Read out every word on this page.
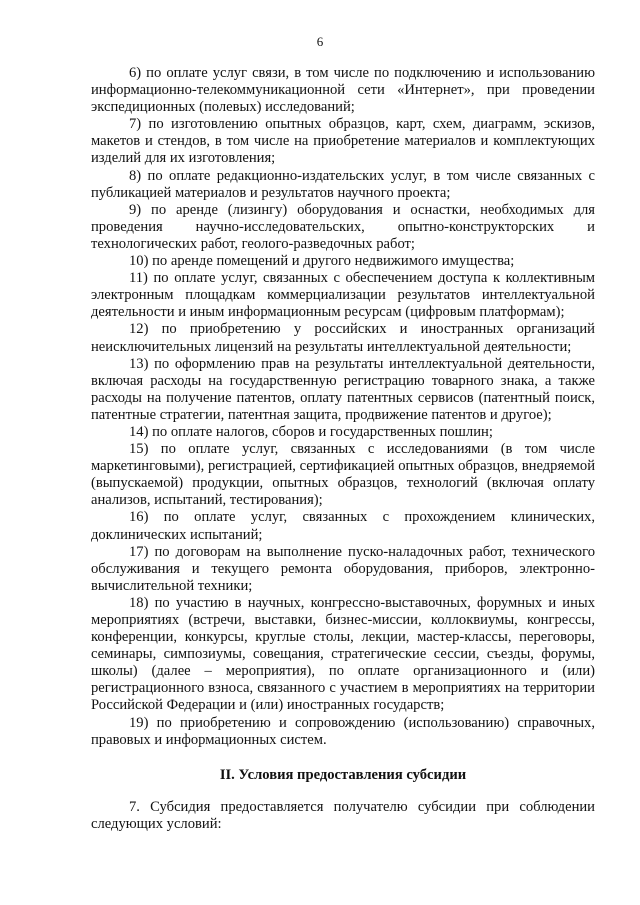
6

6) по оплате услуг связи, в том числе по подключению и использованию информационно-телекоммуникационной сети «Интернет», при проведении экспедиционных (полевых) исследований;

7) по изготовлению опытных образцов, карт, схем, диаграмм, эскизов, макетов и стендов, в том числе на приобретение материалов и комплектующих изделий для их изготовления;

8) по оплате редакционно-издательских услуг, в том числе связанных с публикацией материалов и результатов научного проекта;

9) по аренде (лизингу) оборудования и оснастки, необходимых для проведения научно-исследовательских, опытно-конструкторских и технологических работ, геолого-разведочных работ;

10) по аренде помещений и другого недвижимого имущества;

11) по оплате услуг, связанных с обеспечением доступа к коллективным электронным площадкам коммерциализации результатов интеллектуальной деятельности и иным информационным ресурсам (цифровым платформам);

12) по приобретению у российских и иностранных организаций неисключительных лицензий на результаты интеллектуальной деятельности;

13) по оформлению прав на результаты интеллектуальной деятельности, включая расходы на государственную регистрацию товарного знака, а также расходы на получение патентов, оплату патентных сервисов (патентный поиск, патентные стратегии, патентная защита, продвижение патентов и другое);

14) по оплате налогов, сборов и государственных пошлин;

15) по оплате услуг, связанных с исследованиями (в том числе маркетинговыми), регистрацией, сертификацией опытных образцов, внедряемой (выпускаемой) продукции, опытных образцов, технологий (включая оплату анализов, испытаний, тестирования);

16) по оплате услуг, связанных с прохождением клинических, доклинических испытаний;

17) по договорам на выполнение пуско-наладочных работ, технического обслуживания и текущего ремонта оборудования, приборов, электронно-вычислительной техники;

18) по участию в научных, конгрессно-выставочных, форумных и иных мероприятиях (встречи, выставки, бизнес-миссии, коллоквиумы, конгрессы, конференции, конкурсы, круглые столы, лекции, мастер-классы, переговоры, семинары, симпозиумы, совещания, стратегические сессии, съезды, форумы, школы) (далее – мероприятия), по оплате организационного и (или) регистрационного взноса, связанного с участием в мероприятиях на территории Российской Федерации и (или) иностранных государств;

19) по приобретению и сопровождению (использованию) справочных, правовых и информационных систем.

II. Условия предоставления субсидии

7. Субсидия предоставляется получателю субсидии при соблюдении следующих условий:
